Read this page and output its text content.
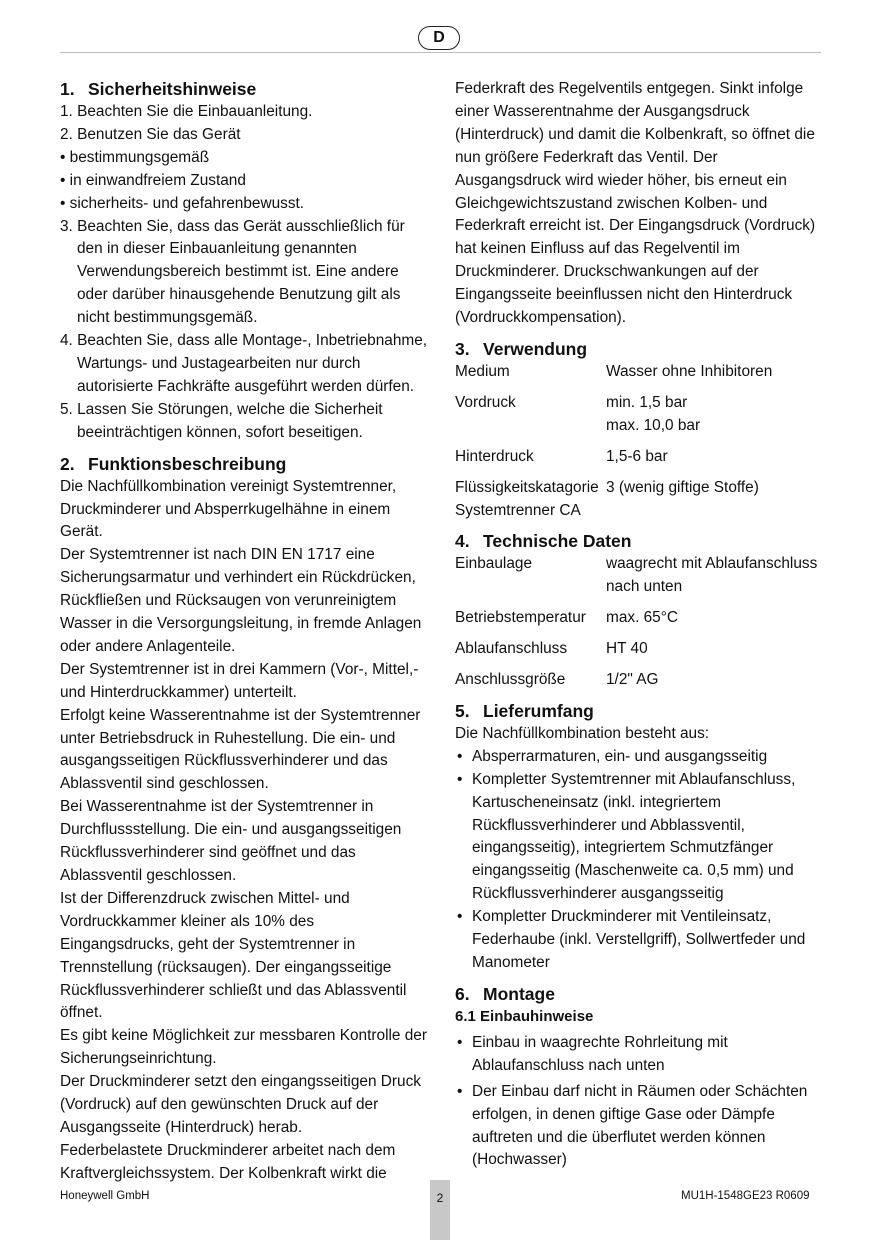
D
1. Sicherheitshinweise
1. Beachten Sie die Einbauanleitung.
2. Benutzen Sie das Gerät
• bestimmungsgemäß
• in einwandfreiem Zustand
• sicherheits- und gefahrenbewusst.
3. Beachten Sie, dass das Gerät ausschließlich für den in dieser Einbauanleitung genannten Verwendungsbereich bestimmt ist. Eine andere oder darüber hinausgehende Benutzung gilt als nicht bestimmungsgemäß.
4. Beachten Sie, dass alle Montage-, Inbetriebnahme, Wartungs- und Justagearbeiten nur durch autorisierte Fachkräfte ausgeführt werden dürfen.
5. Lassen Sie Störungen, welche die Sicherheit beeinträchtigen können, sofort beseitigen.
2. Funktionsbeschreibung

Die Nachfüllkombination vereinigt Systemtrenner, Druckminderer und Absperrkugelhähne in einem Gerät.

Der Systemtrenner ist nach DIN EN 1717 eine Sicherungsarmatur und verhindert ein Rückdrücken, Rückfließen und Rücksaugen von verunreinigtem Wasser in die Versorgungsleitung, in fremde Anlagen oder andere Anlagenteile.

Der Systemtrenner ist in drei Kammern (Vor-, Mittel,- und Hinterdruckkammer) unterteilt.

Erfolgt keine Wasserentnahme ist der Systemtrenner unter Betriebsdruck in Ruhestellung. Die ein- und ausgangsseitigen Rückflussverhinderer und das Ablassventil sind geschlossen.

Bei Wasserentnahme ist der Systemtrenner in Durchflussstellung. Die ein- und ausgangsseitigen Rückflussverhinderer sind geöffnet und das Ablassventil geschlossen.

Ist der Differenzdruck zwischen Mittel- und Vordruckkammer kleiner als 10% des Eingangsdrucks, geht der Systemtrenner in Trennstellung (rücksaugen). Der eingangsseitige Rückflussverhinderer schließt und das Ablassventil öffnet.

Es gibt keine Möglichkeit zur messbaren Kontrolle der Sicherungseinrichtung.

Der Druckminderer setzt den eingangsseitigen Druck (Vordruck) auf den gewünschten Druck auf der Ausgangsseite (Hinterdruck) herab.

Federbelastete Druckminderer arbeitet nach dem Kraftvergleichssystem. Der Kolbenkraft wirkt die

Federkraft des Regelventils entgegen. Sinkt infolge einer Wasserentnahme der Ausgangsdruck (Hinterdruck) und damit die Kolbenkraft, so öffnet die nun größere Federkraft das Ventil. Der Ausgangsdruck wird wieder höher, bis erneut ein Gleichgewichtszustand zwischen Kolben- und Federkraft erreicht ist. Der Eingangsdruck (Vordruck) hat keinen Einfluss auf das Regelventil im Druckminderer. Druckschwankungen auf der Eingangsseite beeinflussen nicht den Hinterdruck (Vordruckkompensation).

3. Verwendung
Medium	Wasser ohne Inhibitoren
Vordruck	min. 1,5 bar
max. 10,0 bar

Hinterdruck	1,5-6 bar

Flüssigkeitskatagorie
Systemtrenner CA	3 (wenig giftige Stoffe)
4. Technische Daten
Einbaulage	waagrecht mit Ablaufanschluss nach unten
Betriebstemperatur	max. 65°C
Ablaufanschluss	HT 40
Anschlussgröße	1/2" AG
5. Lieferumfang

Die Nachfüllkombination besteht aus:

• Absperrarmaturen, ein- und ausgangsseitig
• Kompletter Systemtrenner mit Ablaufanschluss, Kartuscheneinsatz (inkl. integriertem Rückflussverhinderer und Abblassventil, eingangsseitig), integriertem Schmutzfänger eingangsseitig (Maschenweite ca. 0,5 mm) und Rückflussverhinderer ausgangsseitig
• Kompletter Druckminderer mit Ventileinsatz, Federhaube (inkl. Verstellgriff), Sollwertfeder und Manometer
6. Montage
6.1 Einbauhinweise
• Einbau in waagrechte Rohrleitung mit Ablaufanschluss nach unten
• Der Einbau darf nicht in Räumen oder Schächten erfolgen, in denen giftige Gase oder Dämpfe auftreten und die überflutet werden können (Hochwasser)
Honeywell GmbH	2	MU1H-1548GE23 R0609
